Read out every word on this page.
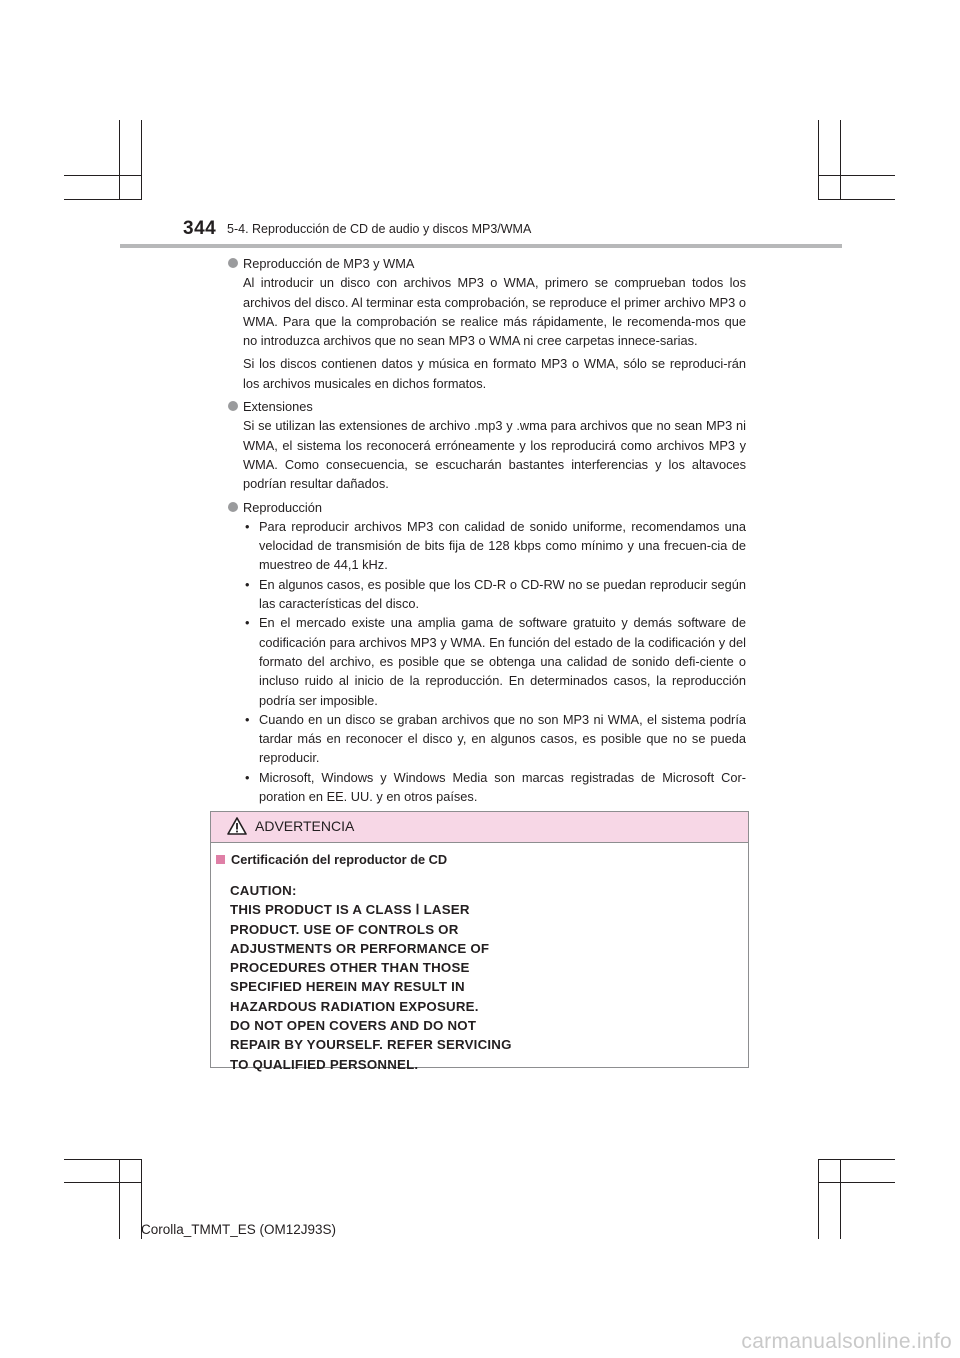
344 5-4. Reproducción de CD de audio y discos MP3/WMA
Reproducción de MP3 y WMA

Al introducir un disco con archivos MP3 o WMA, primero se comprueban todos los archivos del disco. Al terminar esta comprobación, se reproduce el primer archivo MP3 o WMA. Para que la comprobación se realice más rápidamente, le recomenda-mos que no introduzca archivos que no sean MP3 o WMA ni cree carpetas innece-sarias.

Si los discos contienen datos y música en formato MP3 o WMA, sólo se reproduci-rán los archivos musicales en dichos formatos.

Extensiones

Si se utilizan las extensiones de archivo .mp3 y .wma para archivos que no sean MP3 ni WMA, el sistema los reconocerá erróneamente y los reproducirá como archivos MP3 y WMA. Como consecuencia, se escucharán bastantes interferencias y los altavoces podrían resultar dañados.

Reproducción
• Para reproducir archivos MP3 con calidad de sonido uniforme, recomendamos una velocidad de transmisión de bits fija de 128 kbps como mínimo y una frecuen-cia de muestreo de 44,1 kHz.
• En algunos casos, es posible que los CD-R o CD-RW no se puedan reproducir según las características del disco.
• En el mercado existe una amplia gama de software gratuito y demás software de codificación para archivos MP3 y WMA. En función del estado de la codificación y del formato del archivo, es posible que se obtenga una calidad de sonido defi-ciente o incluso ruido al inicio de la reproducción. En determinados casos, la reproducción podría ser imposible.
• Cuando en un disco se graban archivos que no son MP3 ni WMA, el sistema podría tardar más en reconocer el disco y, en algunos casos, es posible que no se pueda reproducir.
• Microsoft, Windows y Windows Media son marcas registradas de Microsoft Cor-poration en EE. UU. y en otros países.
ADVERTENCIA
Certificación del reproductor de CD
CAUTION:
THIS PRODUCT IS A CLASS Ⅰ LASER
PRODUCT. USE OF CONTROLS OR
ADJUSTMENTS OR PERFORMANCE OF
PROCEDURES OTHER THAN THOSE
SPECIFIED HEREIN MAY RESULT IN
HAZARDOUS RADIATION EXPOSURE.
DO NOT OPEN COVERS AND DO NOT
REPAIR BY YOURSELF. REFER SERVICING
TO QUALIFIED PERSONNEL.
Corolla_TMMT_ES (OM12J93S)
carmanualsonline.info
